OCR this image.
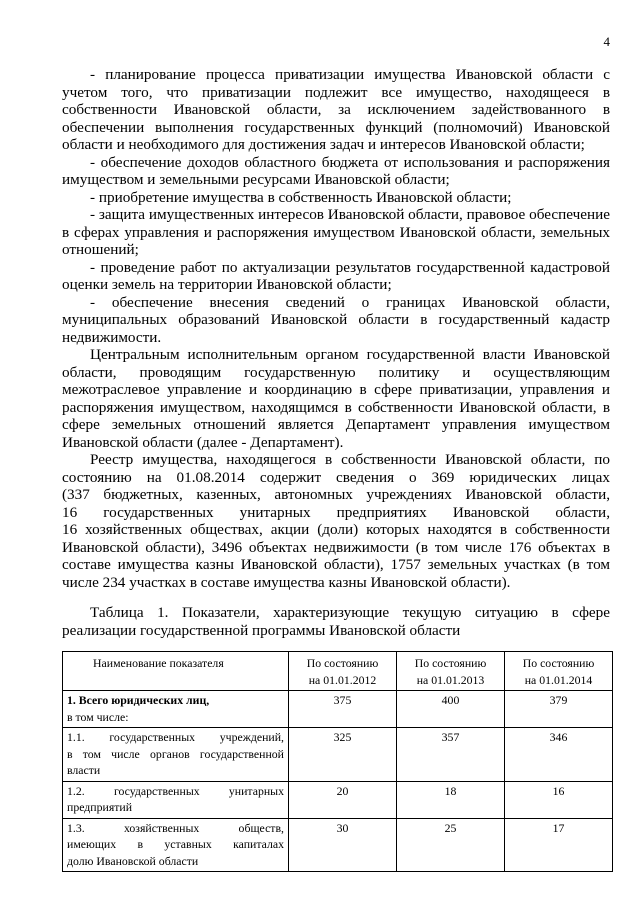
4
- планирование процесса приватизации имущества Ивановской области с
учетом того, что приватизации подлежит все имущество, находящееся в
собственности Ивановской области, за исключением задействованного в
обеспечении выполнения государственных функций (полномочий) Ивановской
области и необходимого для достижения задач и интересов Ивановской области;
- обеспечение доходов областного бюджета от использования и распоряжения
имуществом и земельными ресурсами Ивановской области;
- приобретение имущества в собственность Ивановской области;
- защита имущественных интересов Ивановской области, правовое обеспечение
в сферах управления и распоряжения имуществом Ивановской области, земельных
отношений;
- проведение работ по актуализации результатов государственной кадастровой
оценки земель на территории Ивановской области;
- обеспечение внесения сведений о границах Ивановской области,
муниципальных образований Ивановской области в государственный кадастр
недвижимости.
Центральным исполнительным органом государственной власти Ивановской
области, проводящим государственную политику и осуществляющим
межотраслевое управление и координацию в сфере приватизации, управления и
распоряжения имуществом, находящимся в собственности Ивановской области, в
сфере земельных отношений является Департамент управления имуществом
Ивановской области (далее - Департамент).
Реестр имущества, находящегося в собственности Ивановской области, по
состоянию на 01.08.2014 содержит сведения о 369 юридических лицах
(337 бюджетных, казенных, автономных учреждениях Ивановской области,
16 государственных унитарных предприятиях Ивановской области,
16 хозяйственных обществах, акции (доли) которых находятся в собственности
Ивановской области), 3496 объектах недвижимости (в том числе 176 объектах в
составе имущества казны Ивановской области), 1757 земельных участках (в том
числе 234 участках в составе имущества казны Ивановской области).
Таблица 1. Показатели, характеризующие текущую ситуацию в сфере
реализации государственной программы Ивановской области
Наименование показателя	По состоянию
на 01.01.2012	По состоянию
на 01.01.2013	По состоянию
на 01.01.2014

1. Всего юридических лиц,
в том числе:	375	400	379

1.1. государственных учреждений,
в том числе органов государственной
власти	325	357	346

1.2. государственных унитарных
предприятий	20	18	16

1.3. хозяйственных обществ,
имеющих в уставных капиталах
долю Ивановской области	30	25	17
